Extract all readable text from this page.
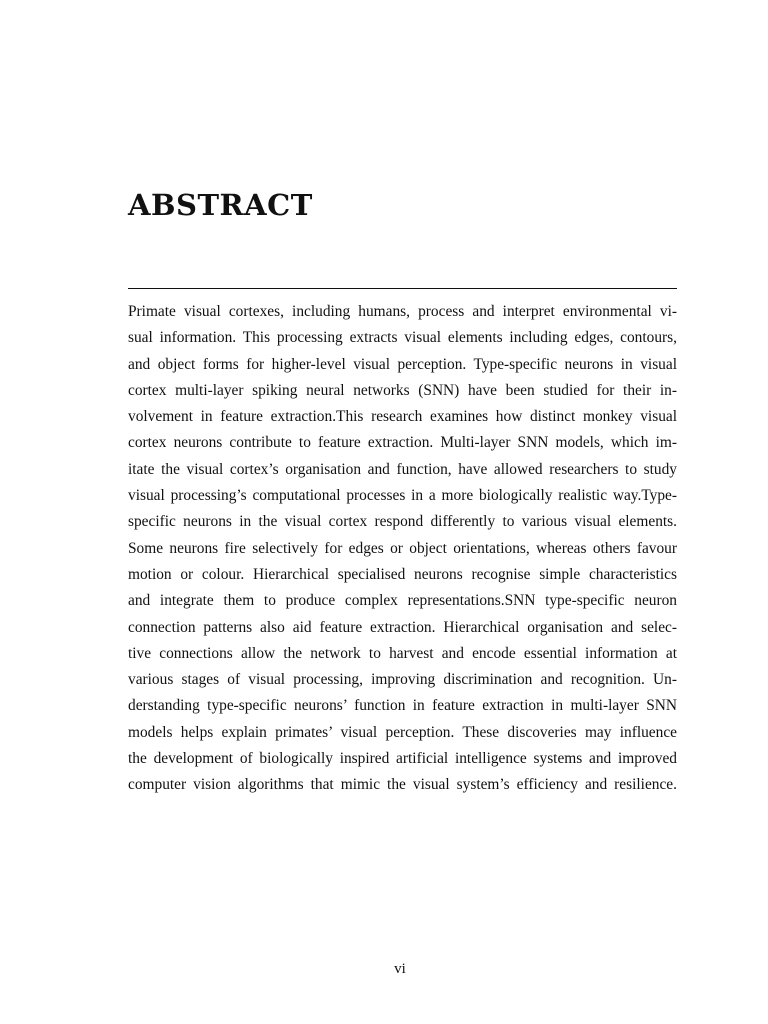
ABSTRACT
Primate visual cortexes, including humans, process and interpret environmental vi-
sual information. This processing extracts visual elements including edges, contours,
and object forms for higher-level visual perception. Type-specific neurons in visual
cortex multi-layer spiking neural networks (SNN) have been studied for their in-
volvement in feature extraction.This research examines how distinct monkey visual
cortex neurons contribute to feature extraction. Multi-layer SNN models, which im-
itate the visual cortex’s organisation and function, have allowed researchers to study
visual processing’s computational processes in a more biologically realistic way.Type-
specific neurons in the visual cortex respond differently to various visual elements.
Some neurons fire selectively for edges or object orientations, whereas others favour
motion or colour. Hierarchical specialised neurons recognise simple characteristics
and integrate them to produce complex representations.SNN type-specific neuron
connection patterns also aid feature extraction. Hierarchical organisation and selec-
tive connections allow the network to harvest and encode essential information at
various stages of visual processing, improving discrimination and recognition. Un-
derstanding type-specific neurons’ function in feature extraction in multi-layer SNN
models helps explain primates’ visual perception. These discoveries may influence
the development of biologically inspired artificial intelligence systems and improved
computer vision algorithms that mimic the visual system’s efficiency and resilience.
vi
